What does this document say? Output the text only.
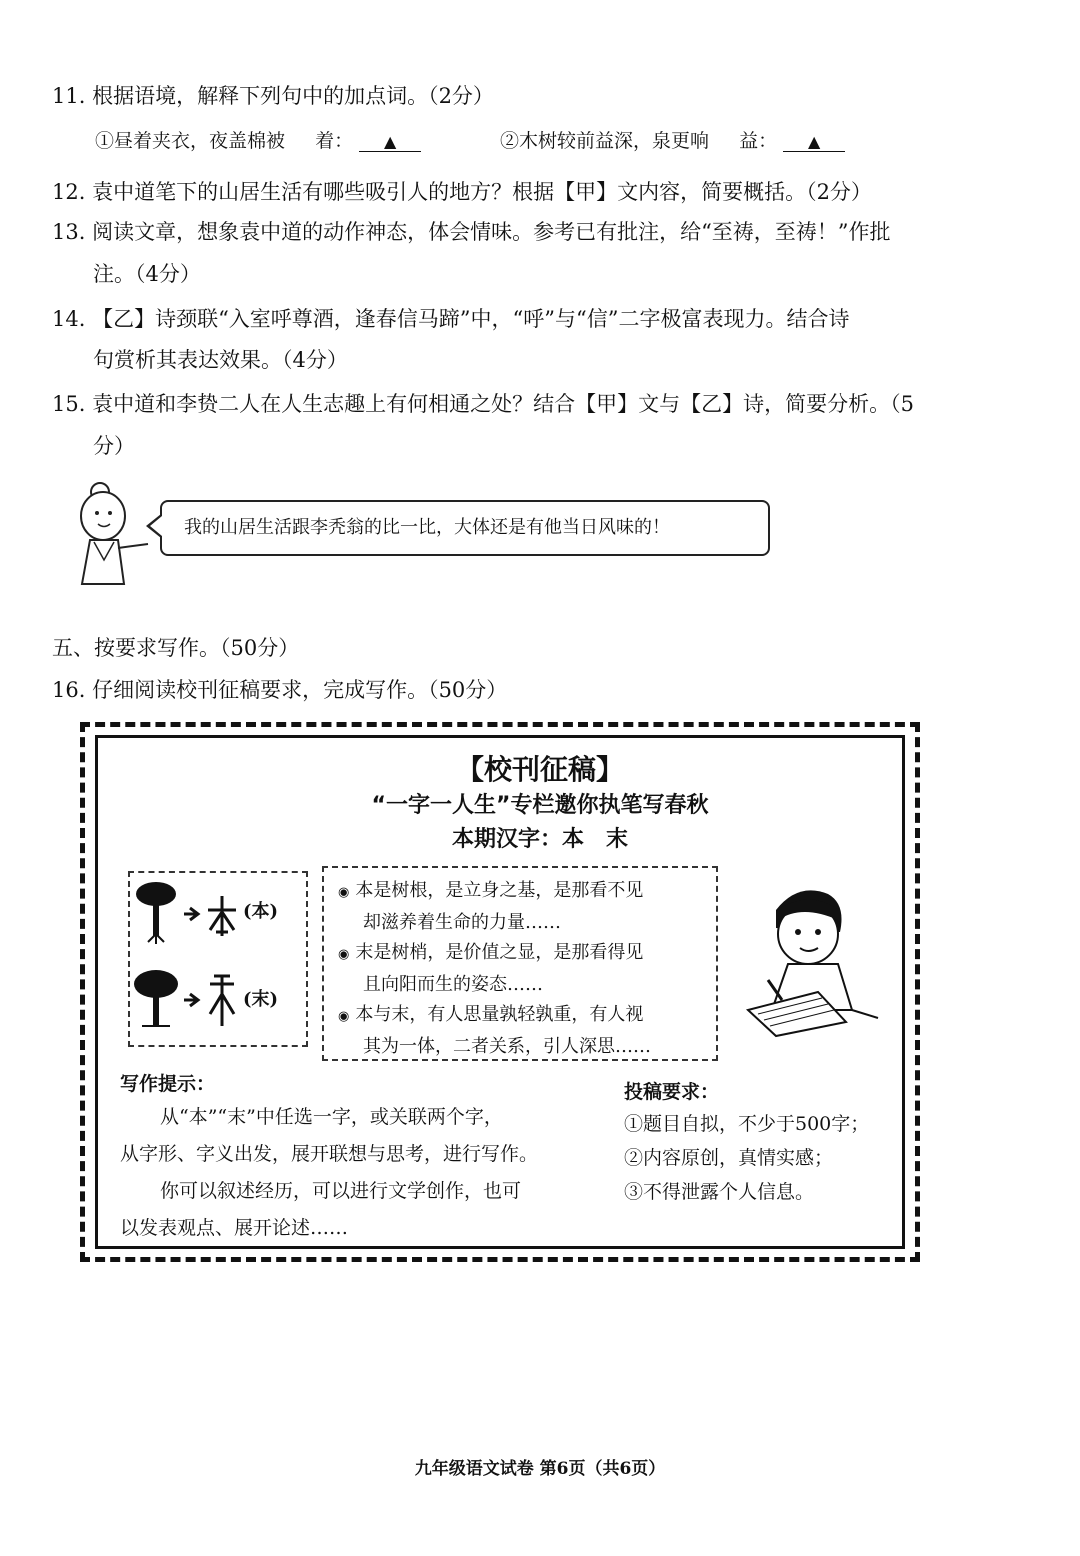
11. 根据语境，解释下列句中的加点词。（2分）
①昼着夹衣，夜盖棉被 着： ▲	②木树较前益深，泉更响 益： ▲
12. 袁中道笔下的山居生活有哪些吸引人的地方？根据【甲】文内容，简要概括。（2分）
13. 阅读文章，想象袁中道的动作神态，体会情味。参考已有批注，给“至祷，至祷！”作批
注。（4分）
14. 【乙】诗颈联“入室呼尊酒，逢春信马蹄”中，“呼”与“信”二字极富表现力。结合诗
句赏析其表达效果。（4分）
15. 袁中道和李贽二人在人生志趣上有何相通之处？结合【甲】文与【乙】诗，简要分析。（5
分）
我的山居生活跟李秃翁的比一比，大体还是有他当日风味的！
五、按要求写作。（50分）
16. 仔细阅读校刊征稿要求，完成写作。（50分）
【校刊征稿】
“一字一人生”专栏邀你执笔写春秋
本期汉字：本　末
(本)
(末)
◉ 本是树根，是立身之基，是那看不见
却滋养着生命的力量……
◉ 末是树梢，是价值之显，是那看得见
且向阳而生的姿态……
◉ 本与末，有人思量孰轻孰重，有人视
其为一体，二者关系，引人深思……
写作提示：
从“本”“末”中任选一字，或关联两个字，
从字形、字义出发，展开联想与思考，进行写作。
你可以叙述经历，可以进行文学创作，也可
以发表观点、展开论述……
投稿要求：
①题目自拟，不少于500字；
②内容原创，真情实感；
③不得泄露个人信息。
九年级语文试卷 第6页（共6页）
